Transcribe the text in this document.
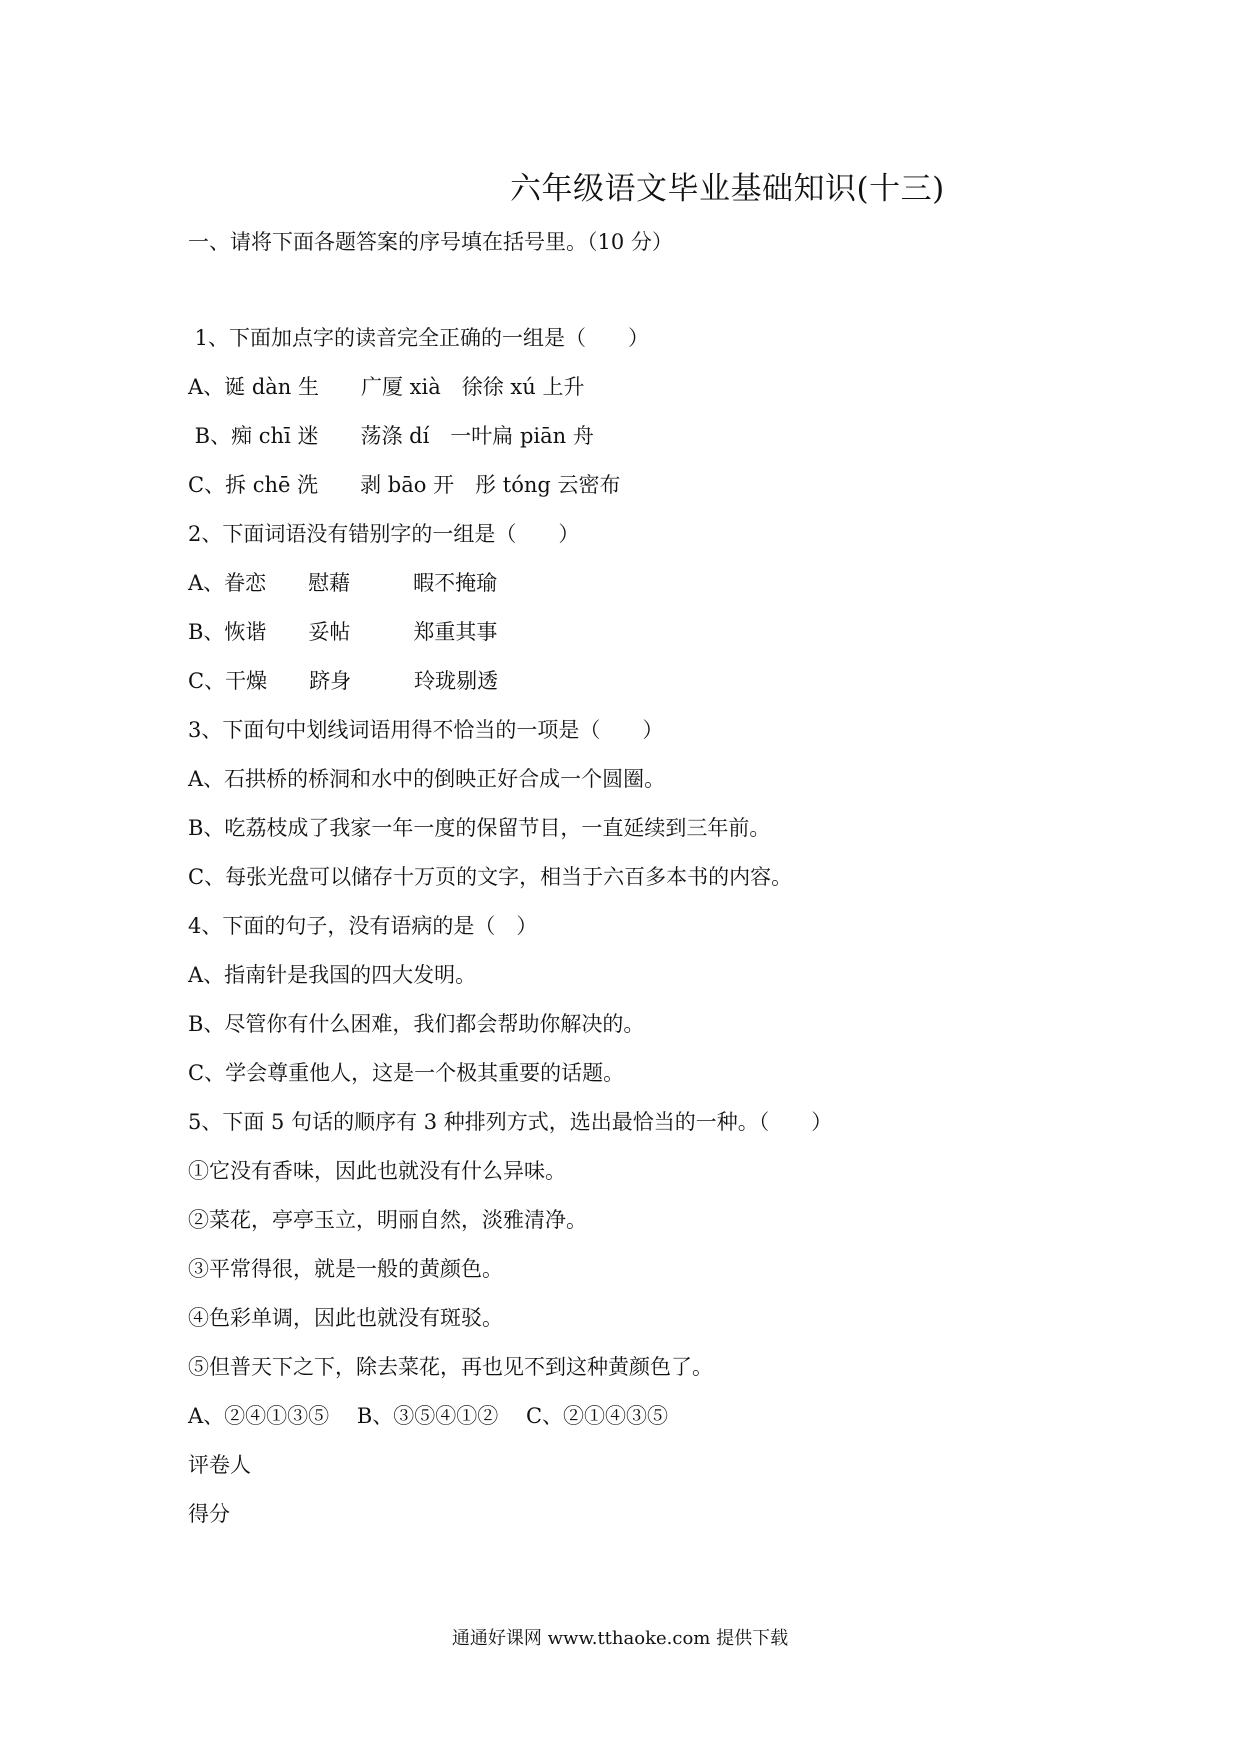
六年级语文毕业基础知识(十三)
一、请将下面各题答案的序号填在括号里。（10 分）
1、下面加点字的读音完全正确的一组是（　　）
A、诞 dàn 生　　广厦 xià　徐徐 xú 上升
B、痴 chī 迷　　荡涤 dí　一叶扁 piān 舟
C、拆 chē 洗　　剥 bāo 开　彤 tóng 云密布
2、下面词语没有错别字的一组是（　　）
A、眷恋　　慰藉　　　暇不掩瑜
B、恢谐　　妥帖　　　郑重其事
C、干燥　　跻身　　　玲珑剔透
3、下面句中划线词语用得不恰当的一项是（　　）
A、石拱桥的桥洞和水中的倒映正好合成一个圆圈。
B、吃荔枝成了我家一年一度的保留节目，一直延续到三年前。
C、每张光盘可以储存十万页的文字，相当于六百多本书的内容。
4、下面的句子，没有语病的是（　）
A、指南针是我国的四大发明。
B、尽管你有什么困难，我们都会帮助你解决的。
C、学会尊重他人，这是一个极其重要的话题。
5、下面 5 句话的顺序有 3 种排列方式，选出最恰当的一种。（　　）
①它没有香味，因此也就没有什么异味。
②菜花，亭亭玉立，明丽自然，淡雅清净。
③平常得很，就是一般的黄颜色。
④色彩单调，因此也就没有斑驳。
⑤但普天下之下，除去菜花，再也见不到这种黄颜色了。
A、②④①③⑤　 B、③⑤④①②　 C、②①④③⑤
评卷人
得分
通通好课网 www.tthaoke.com 提供下载
